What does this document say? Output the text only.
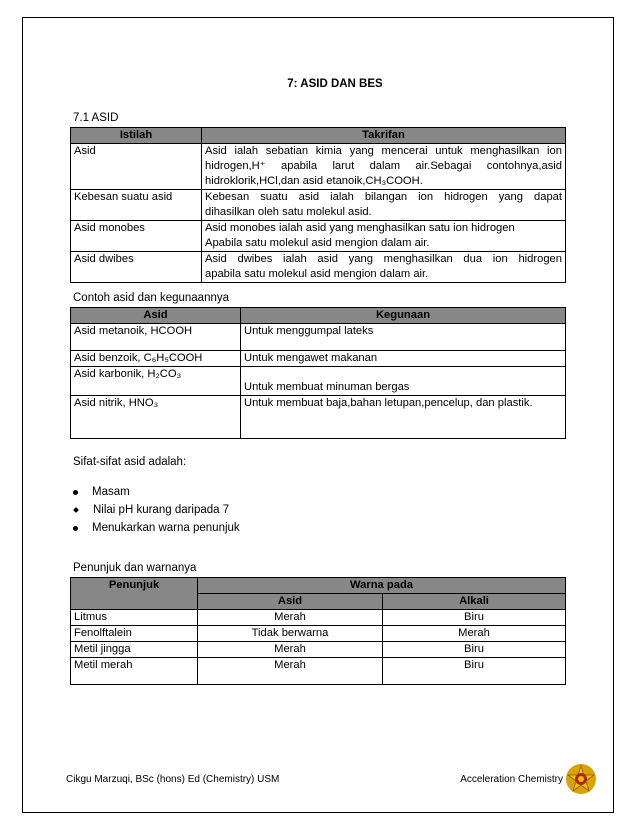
7: ASID DAN BES
7.1 ASID
Istilah	Takrifan
Asid	Asid ialah sebatian kimia yang mencerai untuk menghasilkan ion
hidrogen,H⁺ apabila larut dalam air.Sebagai contohnya,asid
hidroklorik,HCl,dan asid etanoik,CH₃COOH.

Kebesan suatu asid	Kebesan suatu asid ialah bilangan ion hidrogen yang dapat
dihasilkan oleh satu molekul asid.

Asid monobes	Asid monobes ialah asid yang menghasilkan satu ion hidrogen
Apabila satu molekul asid mengion dalam air.

Asid dwibes	Asid dwibes ialah asid yang menghasilkan dua ion hidrogen
apabila satu molekul asid mengion dalam air.
Contoh asid dan kegunaannya
Asid	Kegunaan
Asid metanoik, HCOOH	Untuk menggumpal lateks
Asid benzoik, C₆H₅COOH	Untuk mengawet makanan
Asid karbonik, H₂CO₃	Untuk membuat minuman bergas
Asid nitrik, HNO₃	Untuk membuat baja,bahan letupan,pencelup, dan plastik.
Sifat-sifat asid adalah:
Masam
Nilai pH kurang daripada 7
Menukarkan warna penunjuk
Penunjuk dan warnanya
Penunjuk	Warna pada	
	Asid	Alkali
Litmus	Merah	Biru
Fenolftalein	Tidak berwarna	Merah
Metil jingga	Merah	Biru
Metil merah	Merah	Biru
Cikgu Marzuqi, BSc (hons) Ed (Chemistry) USM	Acceleration Chemistry
